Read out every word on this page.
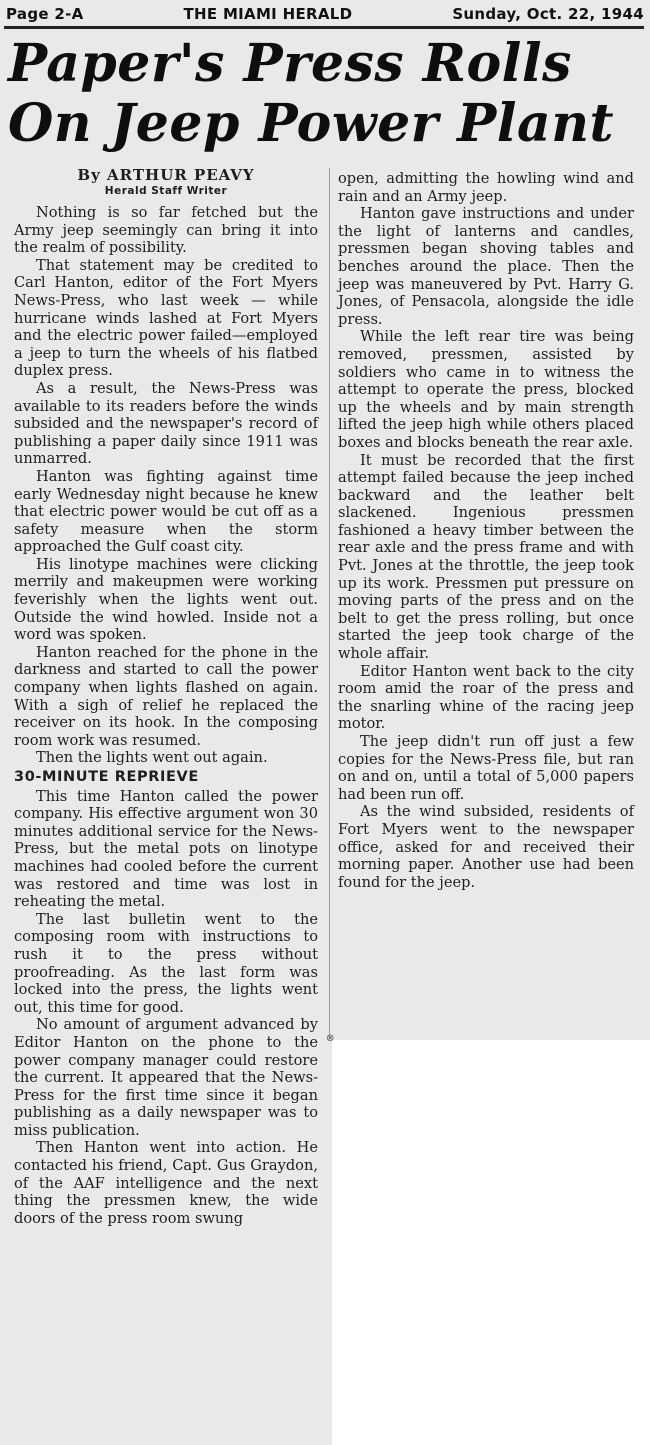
Page 2-A	THE MIAMI HERALD	Sunday, Oct. 22, 1944
Paper's Press Rolls
On Jeep Power Plant
By ARTHUR PEAVY
Herald Staff Writer

Nothing is so far fetched but the Army jeep seemingly can bring it into the realm of possibility.

That statement may be credited to Carl Hanton, editor of the Fort Myers News-Press, who last week — while hurricane winds lashed at Fort Myers and the electric power failed—employed a jeep to turn the wheels of his flatbed duplex press.

As a result, the News-Press was available to its readers before the winds subsided and the newspaper's record of publishing a paper daily since 1911 was unmarred.

Hanton was fighting against time early Wednesday night because he knew that electric power would be cut off as a safety measure when the storm approached the Gulf coast city.

His linotype machines were clicking merrily and makeupmen were working feverishly when the lights went out. Outside the wind howled. Inside not a word was spoken.

Hanton reached for the phone in the darkness and started to call the power company when lights flashed on again. With a sigh of relief he replaced the receiver on its hook. In the composing room work was resumed.

Then the lights went out again.

30-MINUTE REPRIEVE

This time Hanton called the power company. His effective argument won 30 minutes additional service for the News-Press, but the metal pots on linotype machines had cooled before the current was restored and time was lost in reheating the metal.

The last bulletin went to the composing room with instructions to rush it to the press without proofreading. As the last form was locked into the press, the lights went out, this time for good.

No amount of argument advanced by Editor Hanton on the phone to the power company manager could restore the current. It appeared that the News-Press for the first time since it began publishing as a daily newspaper was to miss publication.

Then Hanton went into action. He contacted his friend, Capt. Gus Graydon, of the AAF intelligence and the next thing the pressmen knew, the wide doors of the press room swung

open, admitting the howling wind and rain and an Army jeep.

Hanton gave instructions and under the light of lanterns and candles, pressmen began shoving tables and benches around the place. Then the jeep was maneuvered by Pvt. Harry G. Jones, of Pensacola, alongside the idle press.

While the left rear tire was being removed, pressmen, assisted by soldiers who came in to witness the attempt to operate the press, blocked up the wheels and by main strength lifted the jeep high while others placed boxes and blocks beneath the rear axle.

It must be recorded that the first attempt failed because the jeep inched backward and the leather belt slackened. Ingenious pressmen fashioned a heavy timber between the rear axle and the press frame and with Pvt. Jones at the throttle, the jeep took up its work. Pressmen put pressure on moving parts of the press and on the belt to get the press rolling, but once started the jeep took charge of the whole affair.

Editor Hanton went back to the city room amid the roar of the press and the snarling whine of the racing jeep motor.

The jeep didn't run off just a few copies for the News-Press file, but ran on and on, until a total of 5,000 papers had been run off.

As the wind subsided, residents of Fort Myers went to the newspaper office, asked for and received their morning paper. Another use had been found for the jeep.

⊗
